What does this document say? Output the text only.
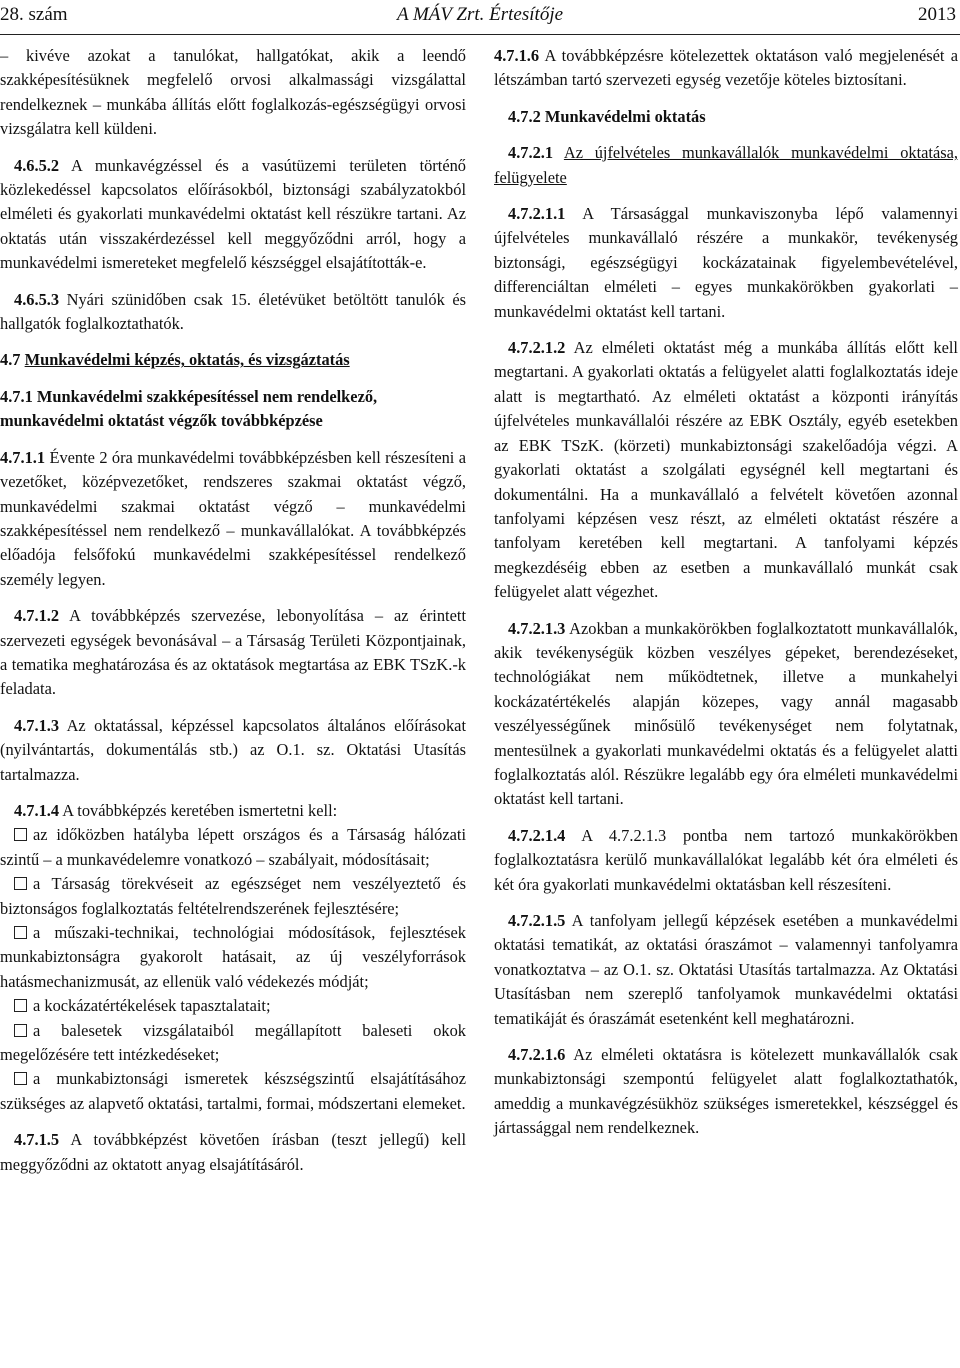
28. szám	A MÁV Zrt. Értesítője	2013

– kivéve azokat a tanulókat, hallgatókat, akik a leendő szakképesítésüknek megfelelő orvosi alkalmassági vizsgálattal rendelkeznek – munkába állítás előtt foglalkozás-egészségügyi orvosi vizsgálatra kell küldeni.

4.6.5.2 A munkavégzéssel és a vasútüzemi területen történő közlekedéssel kapcsolatos előírásokból, biztonsági szabályzatokból elméleti és gyakorlati munkavédelmi oktatást kell részükre tartani. Az oktatás után visszakérdezéssel kell meggyőződni arról, hogy a munkavédelmi ismereteket megfelelő készséggel elsajátították-e.

4.6.5.3 Nyári szünidőben csak 15. életévüket betöltött tanulók és hallgatók foglalkoztathatók.

4.7 Munkavédelmi képzés, oktatás, és vizsgáztatás
4.7.1 Munkavédelmi szakképesítéssel nem rendelkező, munkavédelmi oktatást végzők továbbképzése

4.7.1.1 Évente 2 óra munkavédelmi továbbképzésben kell részesíteni a vezetőket, középvezetőket, rendszeres szakmai oktatást végző, munkavédelmi szakmai oktatást végző – munkavédelmi szakképesítéssel nem rendelkező – munkavállalókat. A továbbképzés előadója felsőfokú munkavédelmi szakképesítéssel rendelkező személy legyen.

4.7.1.2 A továbbképzés szervezése, lebonyolítása – az érintett szervezeti egységek bevonásával – a Társaság Területi Központjainak, a tematika meghatározása és az oktatások megtartása az EBK TSzK.-k feladata.

4.7.1.3 Az oktatással, képzéssel kapcsolatos általános előírásokat (nyilvántartás, dokumentálás stb.) az O.1. sz. Oktatási Utasítás tartalmazza.

4.7.1.4 A továbbképzés keretében ismertetni kell:

az időközben hatályba lépett országos és a Társaság hálózati szintű – a munkavédelemre vonatkozó – szabályait, módosításait;

a Társaság törekvéseit az egészséget nem veszélyeztető és biztonságos foglalkoztatás feltételrendszerének fejlesztésére;

a műszaki-technikai, technológiai módosítások, fejlesztések munkabiztonságra gyakorolt hatásait, az új veszélyforrások hatásmechanizmusát, az ellenük való védekezés módját;

a kockázatértékelések tapasztalatait;

a balesetek vizsgálataiból megállapított baleseti okok megelőzésére tett intézkedéseket;

a munkabiztonsági ismeretek készségszintű elsajátításához szükséges az alapvető oktatási, tartalmi, formai, módszertani elemeket.

4.7.1.5 A továbbképzést követően írásban (teszt jellegű) kell meggyőződni az oktatott anyag elsajátításáról.

4.7.1.6 A továbbképzésre kötelezettek oktatáson való megjelenését a létszámban tartó szervezeti egység vezetője köteles biztosítani.

4.7.2 Munkavédelmi oktatás

4.7.2.1 Az újfelvételes munkavállalók munkavédelmi oktatása, felügyelete

4.7.2.1.1 A Társasággal munkaviszonyba lépő valamennyi újfelvételes munkavállaló részére a munkakör, tevékenység biztonsági, egészségügyi kockázatainak figyelembevételével, differenciáltan elméleti – egyes munkakörökben gyakorlati – munkavédelmi oktatást kell tartani.

4.7.2.1.2 Az elméleti oktatást még a munkába állítás előtt kell megtartani. A gyakorlati oktatás a felügyelet alatti foglalkoztatás ideje alatt is megtartható. Az elméleti oktatást a központi irányítás újfelvételes munkavállalói részére az EBK Osztály, egyéb esetekben az EBK TSzK. (körzeti) munkabiztonsági szakelőadója végzi. A gyakorlati oktatást a szolgálati egységnél kell megtartani és dokumentálni. Ha a munkavállaló a felvételt követően azonnal tanfolyami képzésen vesz részt, az elméleti oktatást részére a tanfolyam keretében kell megtartani. A tanfolyami képzés megkezdéséig ebben az esetben a munkavállaló munkát csak felügyelet alatt végezhet.

4.7.2.1.3 Azokban a munkakörökben foglalkoztatott munkavállalók, akik tevékenységük közben veszélyes gépeket, berendezéseket, technológiákat nem működtetnek, illetve a munkahelyi kockázatértékelés alapján közepes, vagy annál magasabb veszélyességűnek minősülő tevékenységet nem folytatnak, mentesülnek a gyakorlati munkavédelmi oktatás és a felügyelet alatti foglalkoztatás alól. Részükre legalább egy óra elméleti munkavédelmi oktatást kell tartani.

4.7.2.1.4 A 4.7.2.1.3 pontba nem tartozó munkakörökben foglalkoztatásra kerülő munkavállalókat legalább két óra elméleti és két óra gyakorlati munkavédelmi oktatásban kell részesíteni.

4.7.2.1.5 A tanfolyam jellegű képzések esetében a munkavédelmi oktatási tematikát, az oktatási óraszámot – valamennyi tanfolyamra vonatkoztatva – az O.1. sz. Oktatási Utasítás tartalmazza. Az Oktatási Utasításban nem szereplő tanfolyamok munkavédelmi oktatási tematikáját és óraszámát esetenként kell meghatározni.

4.7.2.1.6 Az elméleti oktatásra is kötelezett munkavállalók csak munkabiztonsági szempontú felügyelet alatt foglalkoztathatók, ameddig a munkavégzésükhöz szükséges ismeretekkel, készséggel és jártassággal nem rendelkeznek.
